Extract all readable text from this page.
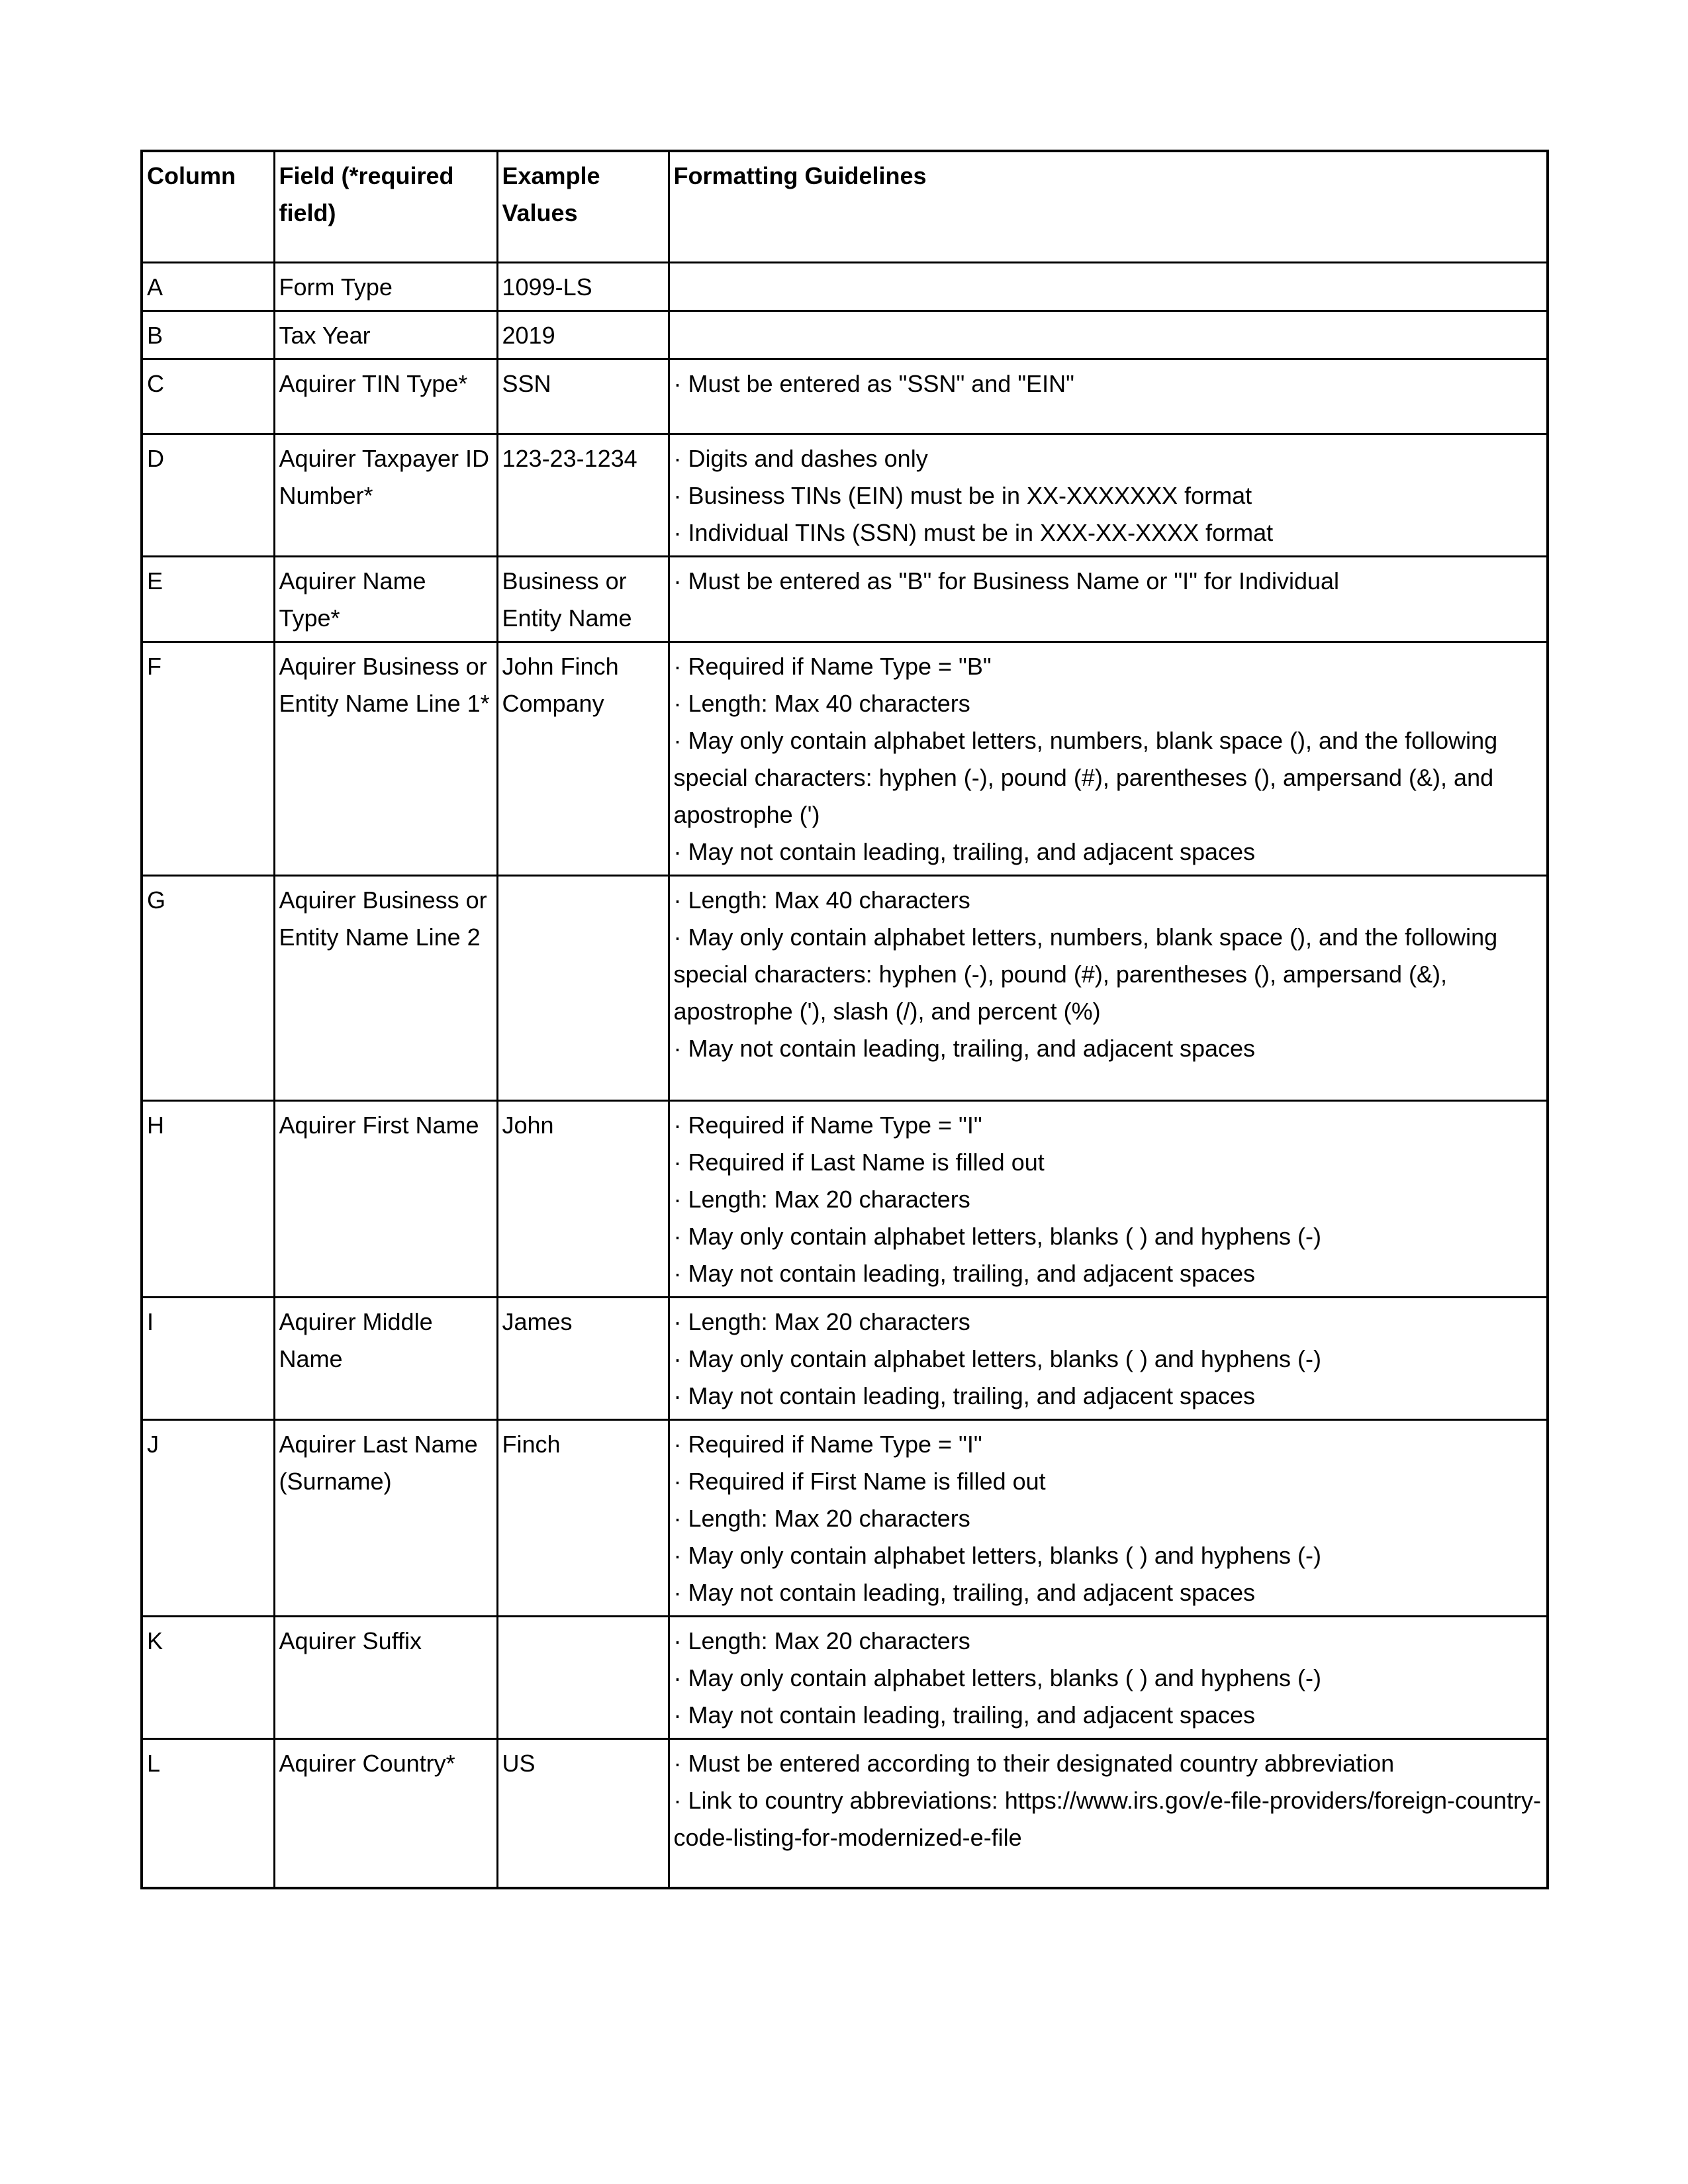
Column	Field (*required field)	Example Values	Formatting Guidelines
A	Form Type	1099-LS	
B	Tax Year	2019	
C	Aquirer TIN Type*	SSN	· Must be entered as "SSN" and "EIN"

D	Aquirer Taxpayer ID Number*	123-23-1234	· Digits and dashes only
· Business TINs (EIN) must be in XX-XXXXXXX format
· Individual TINs (SSN) must be in XXX-XX-XXXX format

E	Aquirer Name Type*	Business or Entity Name	· Must be entered as "B" for Business Name or "I" for Individual

F	Aquirer Business or Entity Name Line 1*	John Finch Company	· Required if Name Type = "B"
· Length: Max 40 characters
· May only contain alphabet letters, numbers, blank space (), and the following special characters: hyphen (-), pound (#), parentheses (), ampersand (&), and apostrophe (')
· May not contain leading, trailing, and adjacent spaces

G	Aquirer Business or Entity Name Line 2		· Length: Max 40 characters
· May only contain alphabet letters, numbers, blank space (), and the following special characters: hyphen (-), pound (#), parentheses (), ampersand (&), apostrophe ('), slash (/), and percent (%)
· May not contain leading, trailing, and adjacent spaces

H	Aquirer First Name	John	· Required if Name Type = "I"
· Required if Last Name is filled out
· Length: Max 20 characters
· May only contain alphabet letters, blanks ( ) and hyphens (-)
· May not contain leading, trailing, and adjacent spaces

I	Aquirer Middle Name	James	· Length: Max 20 characters
· May only contain alphabet letters, blanks ( ) and hyphens (-)
· May not contain leading, trailing, and adjacent spaces

J	Aquirer Last Name (Surname)	Finch	· Required if Name Type = "I"
· Required if First Name is filled out
· Length: Max 20 characters
· May only contain alphabet letters, blanks ( ) and hyphens (-)
· May not contain leading, trailing, and adjacent spaces

K	Aquirer Suffix		· Length: Max 20 characters
· May only contain alphabet letters, blanks ( ) and hyphens (-)
· May not contain leading, trailing, and adjacent spaces

L	Aquirer Country*	US	· Must be entered according to their designated country abbreviation
· Link to country abbreviations: https://www.irs.gov/e-file-providers/foreign-country-code-listing-for-modernized-e-file
